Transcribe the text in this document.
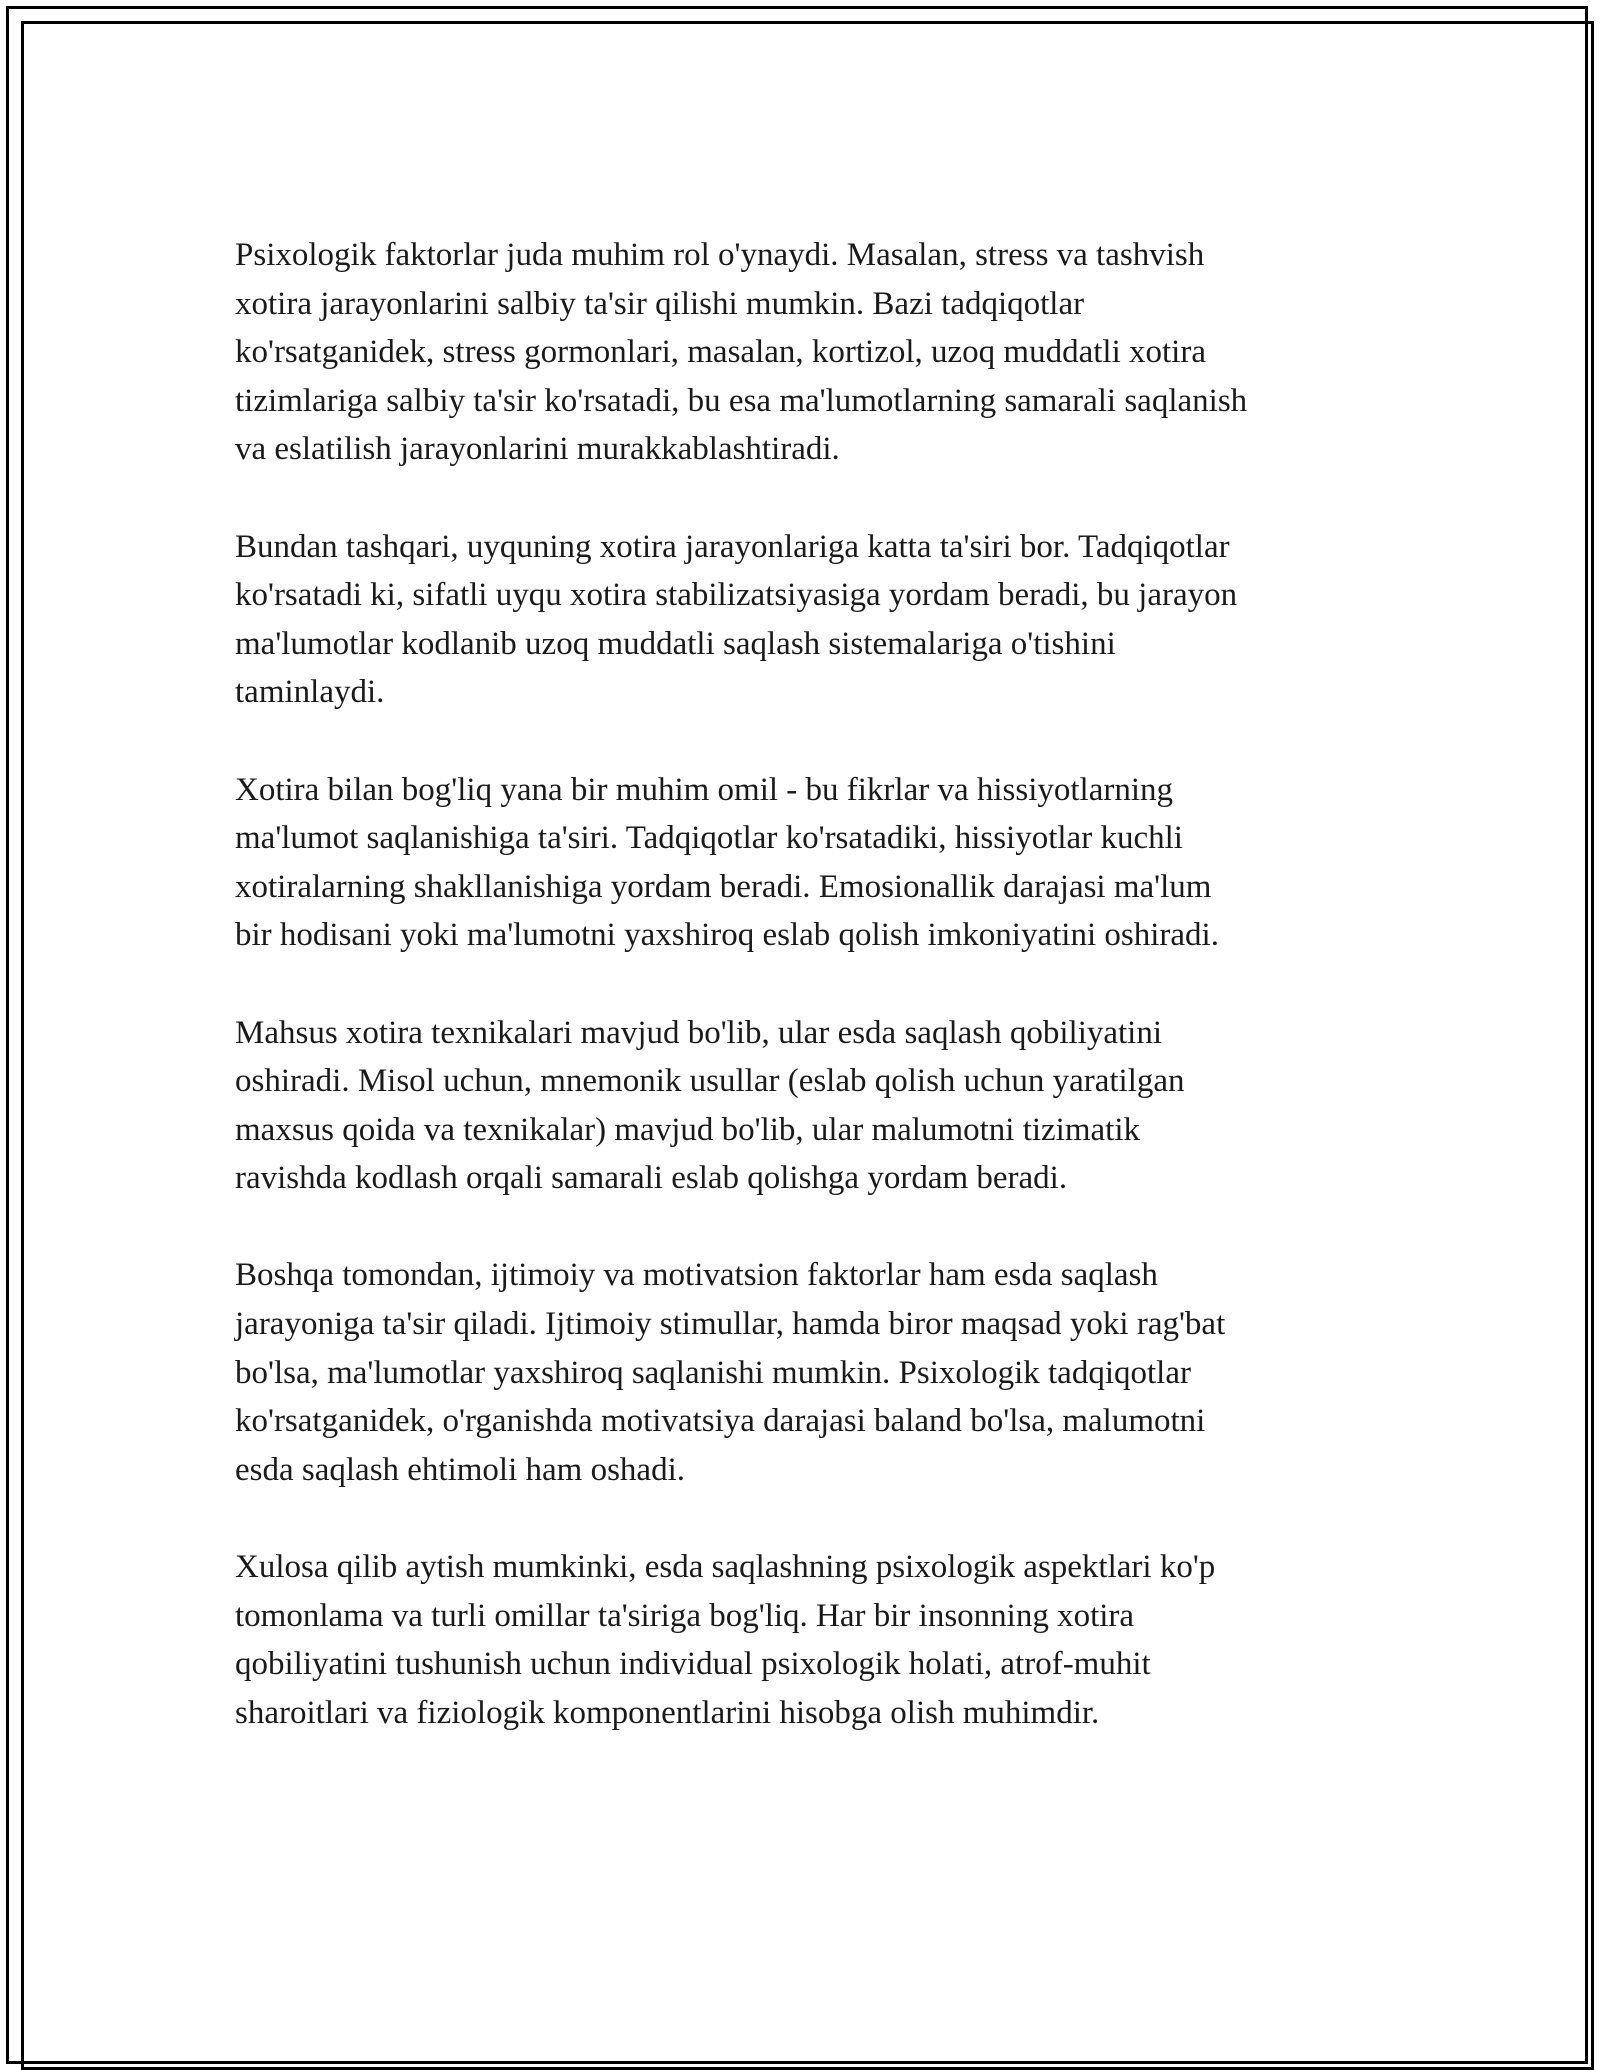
Psixologik faktorlar juda muhim rol o'ynaydi. Masalan, stress va tashvish
xotira jarayonlarini salbiy ta'sir qilishi mumkin. Bazi tadqiqotlar
ko'rsatganidek, stress gormonlari, masalan, kortizol, uzoq muddatli xotira
tizimlariga salbiy ta'sir ko'rsatadi, bu esa ma'lumotlarning samarali saqlanish
va eslatilish jarayonlarini murakkablashtiradi.

Bundan tashqari, uyquning xotira jarayonlariga katta ta'siri bor. Tadqiqotlar
ko'rsatadi ki, sifatli uyqu xotira stabilizatsiyasiga yordam beradi, bu jarayon
ma'lumotlar kodlanib uzoq muddatli saqlash sistemalariga o'tishini
taminlaydi.

Xotira bilan bog'liq yana bir muhim omil - bu fikrlar va hissiyotlarning
ma'lumot saqlanishiga ta'siri. Tadqiqotlar ko'rsatadiki, hissiyotlar kuchli
xotiralarning shakllanishiga yordam beradi. Emosionallik darajasi ma'lum
bir hodisani yoki ma'lumotni yaxshiroq eslab qolish imkoniyatini oshiradi.

Mahsus xotira texnikalari mavjud bo'lib, ular esda saqlash qobiliyatini
oshiradi. Misol uchun, mnemonik usullar (eslab qolish uchun yaratilgan
maxsus qoida va texnikalar) mavjud bo'lib, ular malumotni tizimatik
ravishda kodlash orqali samarali eslab qolishga yordam beradi.

Boshqa tomondan, ijtimoiy va motivatsion faktorlar ham esda saqlash
jarayoniga ta'sir qiladi. Ijtimoiy stimullar, hamda biror maqsad yoki rag'bat
bo'lsa, ma'lumotlar yaxshiroq saqlanishi mumkin. Psixologik tadqiqotlar
ko'rsatganidek, o'rganishda motivatsiya darajasi baland bo'lsa, malumotni
esda saqlash ehtimoli ham oshadi.

Xulosa qilib aytish mumkinki, esda saqlashning psixologik aspektlari ko'p
tomonlama va turli omillar ta'siriga bog'liq. Har bir insonning xotira
qobiliyatini tushunish uchun individual psixologik holati, atrof-muhit
sharoitlari va fiziologik komponentlarini hisobga olish muhimdir.
